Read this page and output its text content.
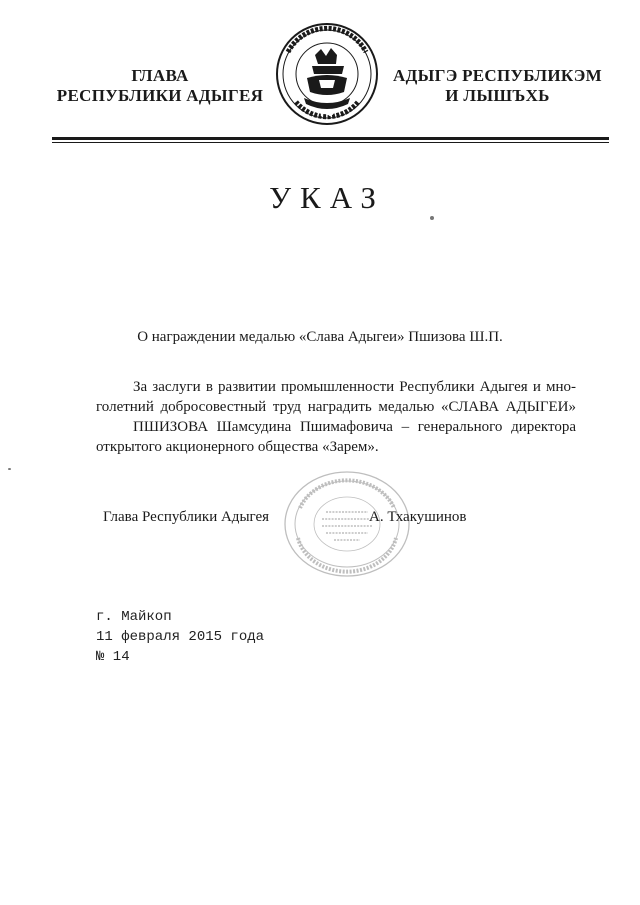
ГЛАВА
РЕСПУБЛИКИ АДЫГЕЯ
РФ
АДЫГЭ РЕСПУБЛИКЭМ
И ЛЫШЪХЬ
УКАЗ
О награждении медалью «Слава Адыгеи» Пшизова Ш.П.

За заслуги в развитии промышленности Республики Адыгея и мно-

голетний добросовестный труд наградить медалью «СЛАВА АДЫГЕИ»

ПШИЗОВА Шамсудина Пшимафовича – генерального директора

открытого акционерного общества «Зарем».

Глава Республики Адыгея	А. Тхакушинов
г. Майкоп
11 февраля 2015 года
№ 14
